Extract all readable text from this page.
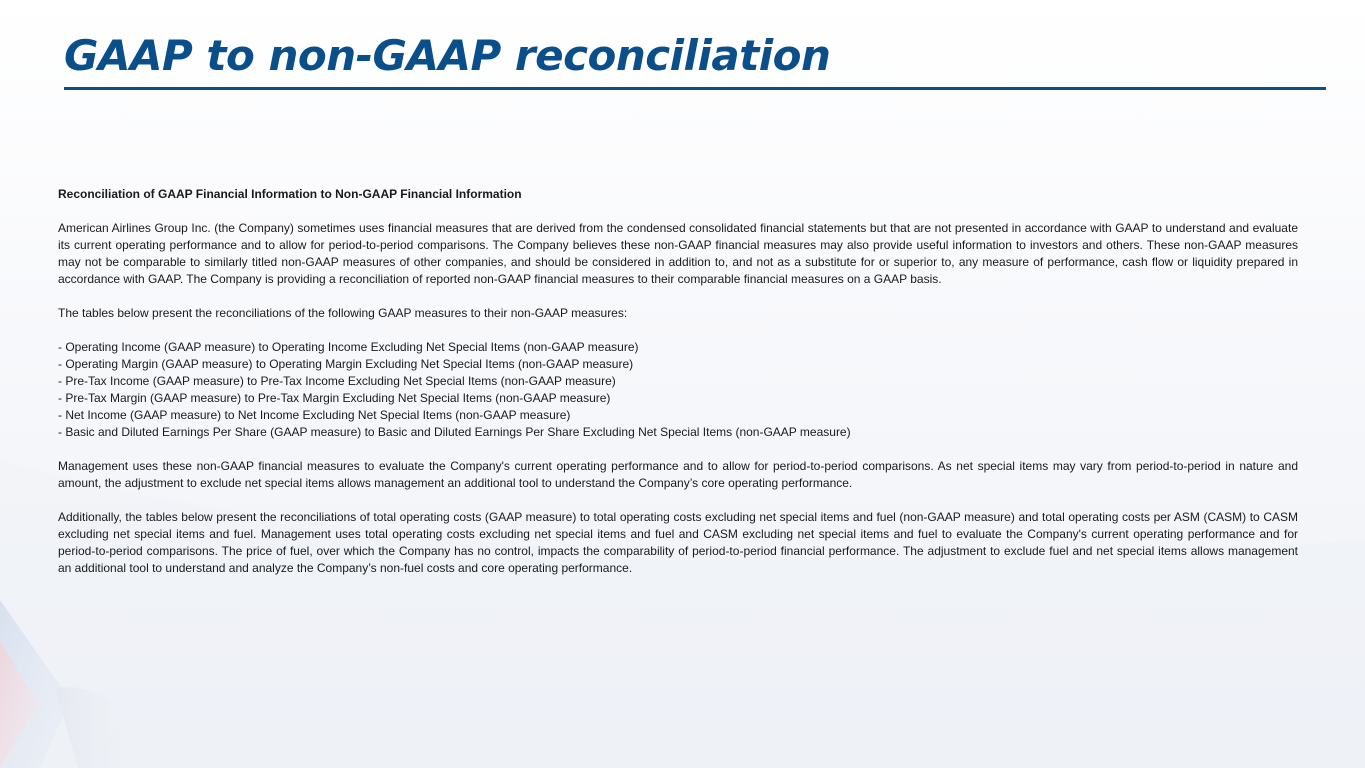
GAAP to non-GAAP reconciliation

Reconciliation of GAAP Financial Information to Non-GAAP Financial Information

American Airlines Group Inc. (the Company) sometimes uses financial measures that are derived from the condensed consolidated financial statements but that are not presented in accordance with GAAP to understand and evaluate its current operating performance and to allow for period-to-period comparisons. The Company believes these non-GAAP financial measures may also provide useful information to investors and others. These non-GAAP measures may not be comparable to similarly titled non-GAAP measures of other companies, and should be considered in addition to, and not as a substitute for or superior to, any measure of performance, cash flow or liquidity prepared in accordance with GAAP. The Company is providing a reconciliation of reported non-GAAP financial measures to their comparable financial measures on a GAAP basis.

The tables below present the reconciliations of the following GAAP measures to their non-GAAP measures:

- Operating Income (GAAP measure) to Operating Income Excluding Net Special Items (non-GAAP measure)
- Operating Margin (GAAP measure) to Operating Margin Excluding Net Special Items (non-GAAP measure)
- Pre-Tax Income (GAAP measure) to Pre-Tax Income Excluding Net Special Items (non-GAAP measure)
- Pre-Tax Margin (GAAP measure) to Pre-Tax Margin Excluding Net Special Items (non-GAAP measure)
- Net Income (GAAP measure) to Net Income Excluding Net Special Items (non-GAAP measure)
- Basic and Diluted Earnings Per Share (GAAP measure) to Basic and Diluted Earnings Per Share Excluding Net Special Items (non-GAAP measure)

Management uses these non-GAAP financial measures to evaluate the Company's current operating performance and to allow for period-to-period comparisons. As net special items may vary from period-to-period in nature and amount, the adjustment to exclude net special items allows management an additional tool to understand the Company’s core operating performance.

Additionally, the tables below present the reconciliations of total operating costs (GAAP measure) to total operating costs excluding net special items and fuel (non-GAAP measure) and total operating costs per ASM (CASM) to CASM excluding net special items and fuel. Management uses total operating costs excluding net special items and fuel and CASM excluding net special items and fuel to evaluate the Company's current operating performance and for period-to-period comparisons. The price of fuel, over which the Company has no control, impacts the comparability of period-to-period financial performance. The adjustment to exclude fuel and net special items allows management an additional tool to understand and analyze the Company’s non-fuel costs and core operating performance.
